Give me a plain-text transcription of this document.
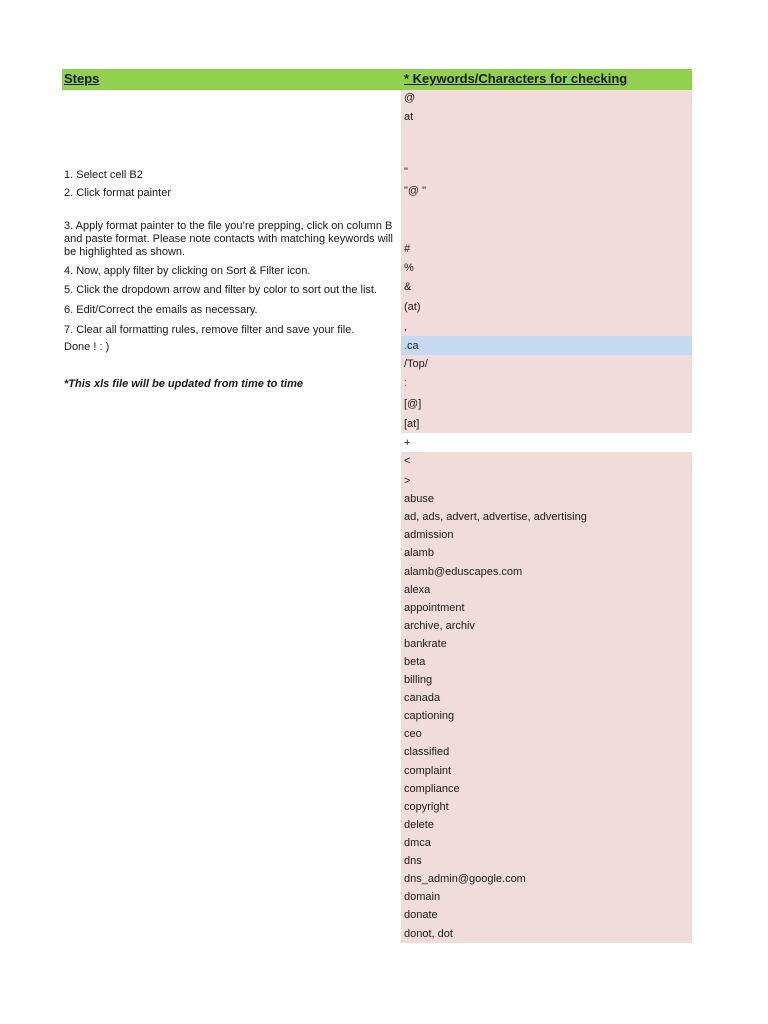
Steps	* Keywords/Characters for checking
1. Select cell B2
2. Click format painter
3. Apply format painter to the file you’re prepping, click on column B and paste format. Please note contacts with matching keywords will be highlighted as shown.
4. Now, apply filter by clicking on Sort & Filter icon.
5. Click the dropdown arrow and filter by color to sort out the list.
6. Edit/Correct the emails as necessary.
7. Clear all formatting rules, remove filter and save your file.
Done ! : )
*This xls file will be updated from time to time
@
at
"
"@ "
#
%
&
(at)
,
.ca
/Top/
:
[@]
[at]
+
<
>
abuse
ad, ads, advert, advertise, advertising
admission
alamb
alamb@eduscapes.com
alexa
appointment
archive, archiv
bankrate
beta
billing
canada
captioning
ceo
classified
complaint
compliance
copyright
delete
dmca
dns
dns_admin@google.com
domain
donate
donot, dot
